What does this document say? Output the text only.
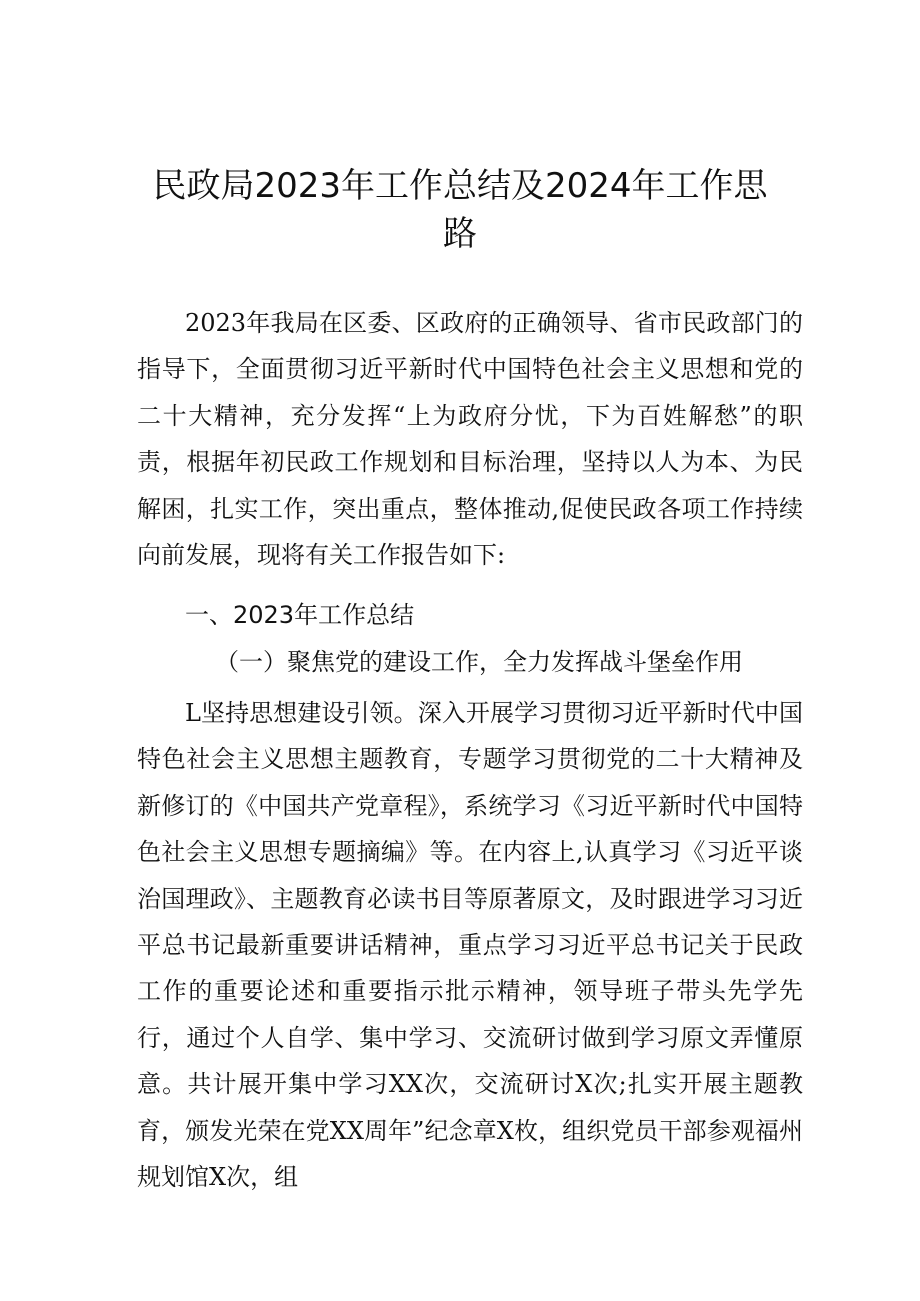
民政局2023年工作总结及2024年工作思
路

2023年我局在区委、区政府的正确领导、省市民政部门的指导下，全面贯彻习近平新时代中国特色社会主义思想和党的二十大精神，充分发挥“上为政府分忧，下为百姓解愁”的职责，根据年初民政工作规划和目标治理，坚持以人为本、为民解困，扎实工作，突出重点，整体推动,促使民政各项工作持续向前发展，现将有关工作报告如下:

一、2023年工作总结
（一）聚焦党的建设工作，全力发挥战斗堡垒作用

L坚持思想建设引领。深入开展学习贯彻习近平新时代中国特色社会主义思想主题教育，专题学习贯彻党的二十大精神及新修订的《中国共产党章程》，系统学习《习近平新时代中国特色社会主义思想专题摘编》等。在内容上,认真学习《习近平谈治国理政》、主题教育必读书目等原著原文，及时跟进学习习近平总书记最新重要讲话精神，重点学习习近平总书记关于民政工作的重要论述和重要指示批示精神，领导班子带头先学先行，通过个人自学、集中学习、交流研讨做到学习原文弄懂原意。共计展开集中学习XX次，交流研讨X次;扎实开展主题教育，颁发光荣在党XX周年”纪念章X枚，组织党员干部参观福州规划馆X次，组
